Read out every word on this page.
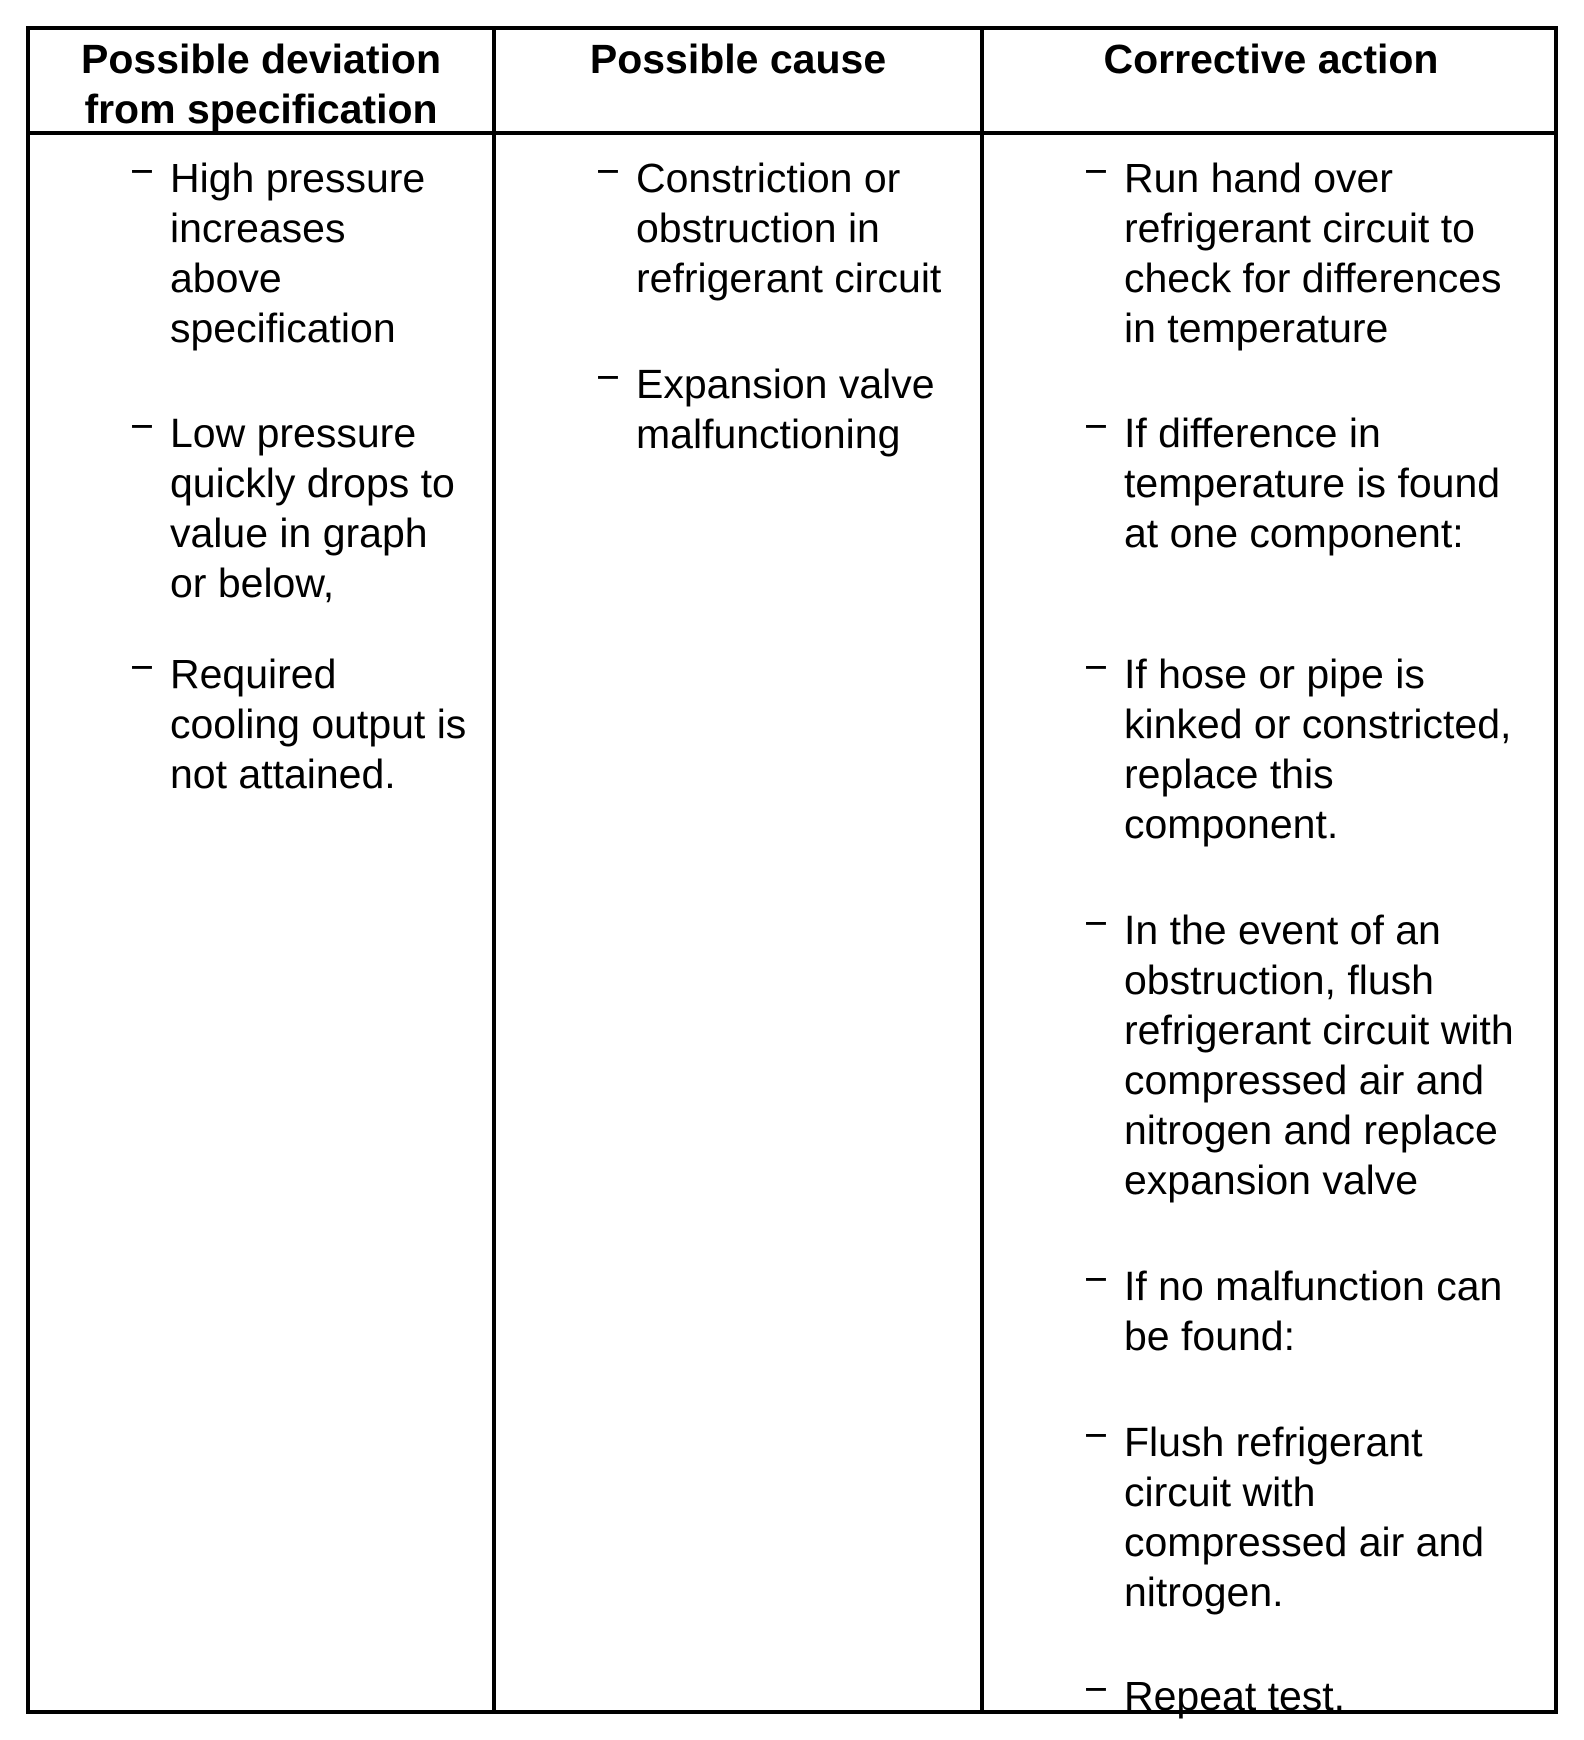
Possible deviation
from specification
Possible cause	Corrective action
− High pressure
increases
above
specification
− Low pressure
quickly drops to
value in graph
or below,
− Required
cooling output is
not attained.
− Constriction or
obstruction in
refrigerant circuit
− Expansion valve
malfunctioning
− Run hand over
refrigerant circuit to
check for differences
in temperature
− If difference in
temperature is found
at one component:
− If hose or pipe is
kinked or constricted,
replace this
component.
− In the event of an
obstruction, flush
refrigerant circuit with
compressed air and
nitrogen and replace
expansion valve
− If no malfunction can
be found:
− Flush refrigerant
circuit with
compressed air and
nitrogen.
− Repeat test.
